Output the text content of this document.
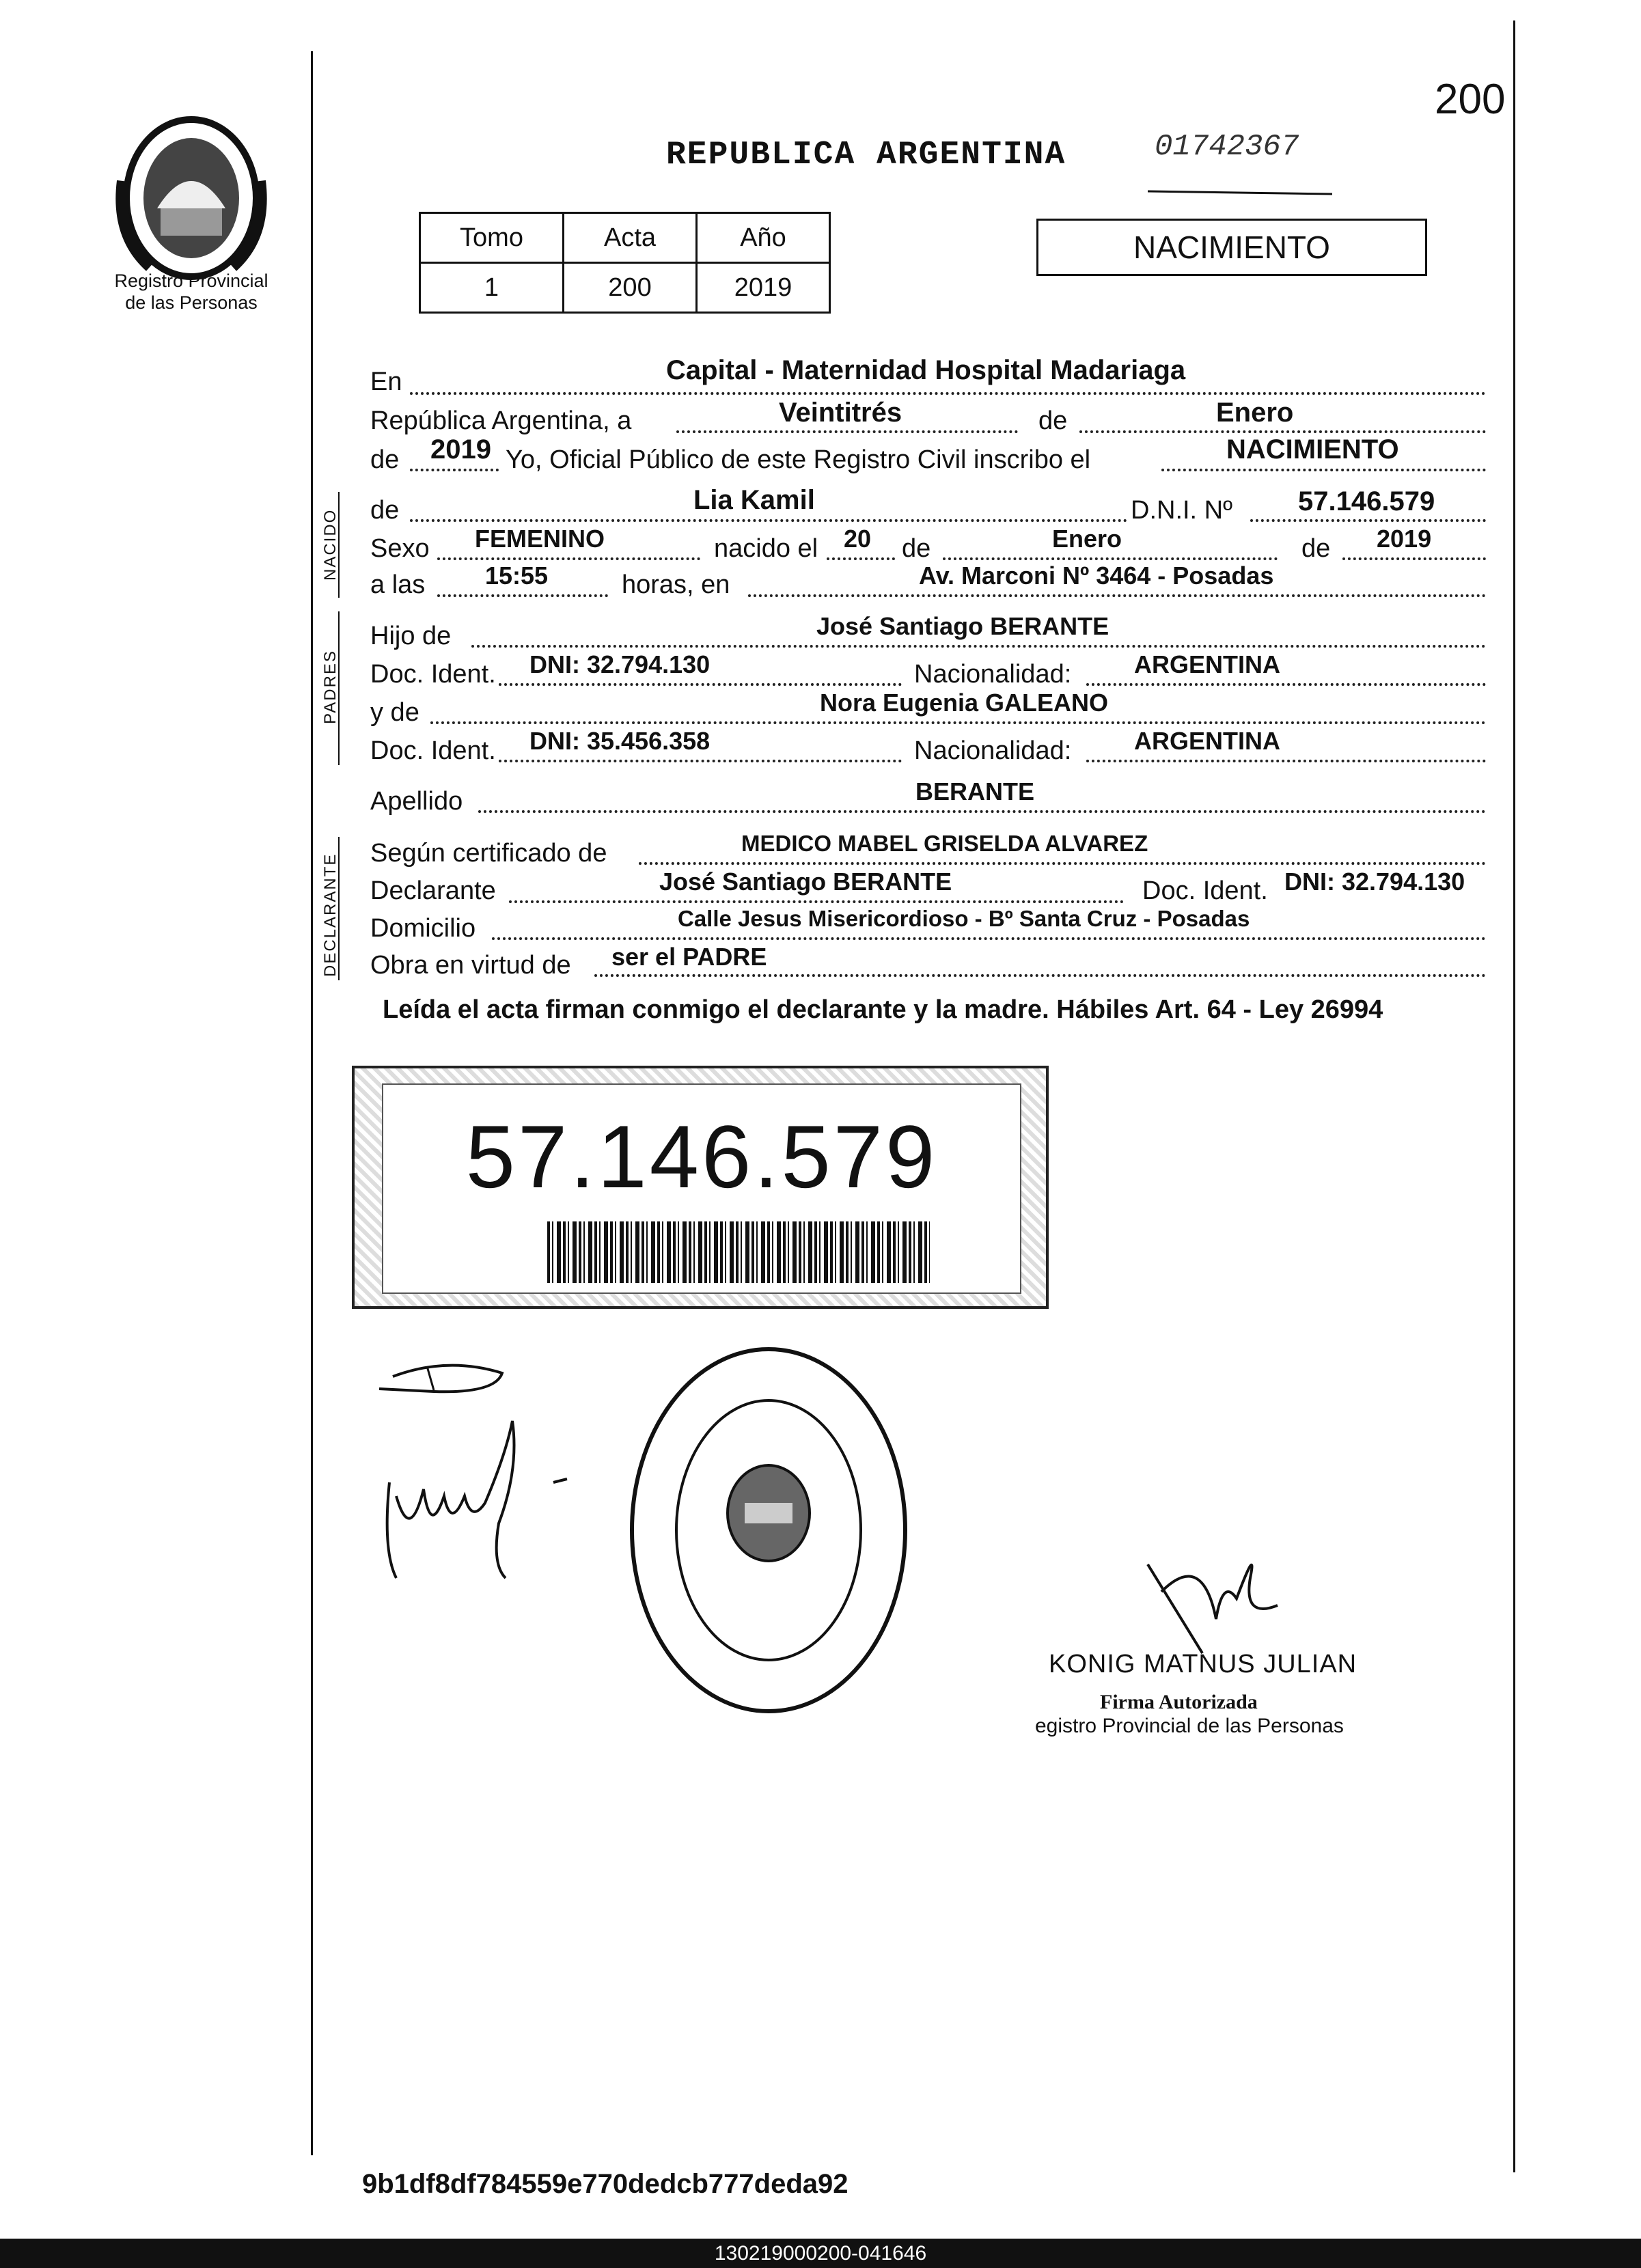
Registro Provincial
de las Personas
REPUBLICA ARGENTINA	01742367
200
Tomo	Acta	Año
1	200	2019
NACIMIENTO
NACIDO
PADRES
DECLARANTE
En	Capital - Maternidad Hospital Madariaga
República Argentina, a	Veintitrés	de	Enero
de 2019 Yo, Oficial Público de este Registro Civil inscribo el	NACIMIENTO
de	Lia Kamil	D.N.I. Nº 57.146.579
Sexo FEMENINO	nacido el 20 de	Enero	de 2019
a las 15:55	horas, en	Av. Marconi Nº 3464 - Posadas
Hijo de	José Santiago BERANTE
Doc. Ident. DNI: 32.794.130	Nacionalidad:	ARGENTINA
y de	Nora Eugenia GALEANO
Doc. Ident. DNI: 35.456.358	Nacionalidad:	ARGENTINA
Apellido	BERANTE
Según certificado de	MEDICO MABEL GRISELDA ALVAREZ
Declarante	José Santiago BERANTE	Doc. Ident. DNI: 32.794.130
Domicilio	Calle Jesus Misericordioso - Bº Santa Cruz - Posadas
Obra en virtud de ser el PADRE
Leída el acta firman conmigo el declarante y la madre. Hábiles Art. 64 - Ley 26994
57.146.579
KONIG MATNUS JULIAN
Firma Autorizada
egistro Provincial de las Personas
9b1df8df784559e770dedcb777deda92
130219000200-041646
